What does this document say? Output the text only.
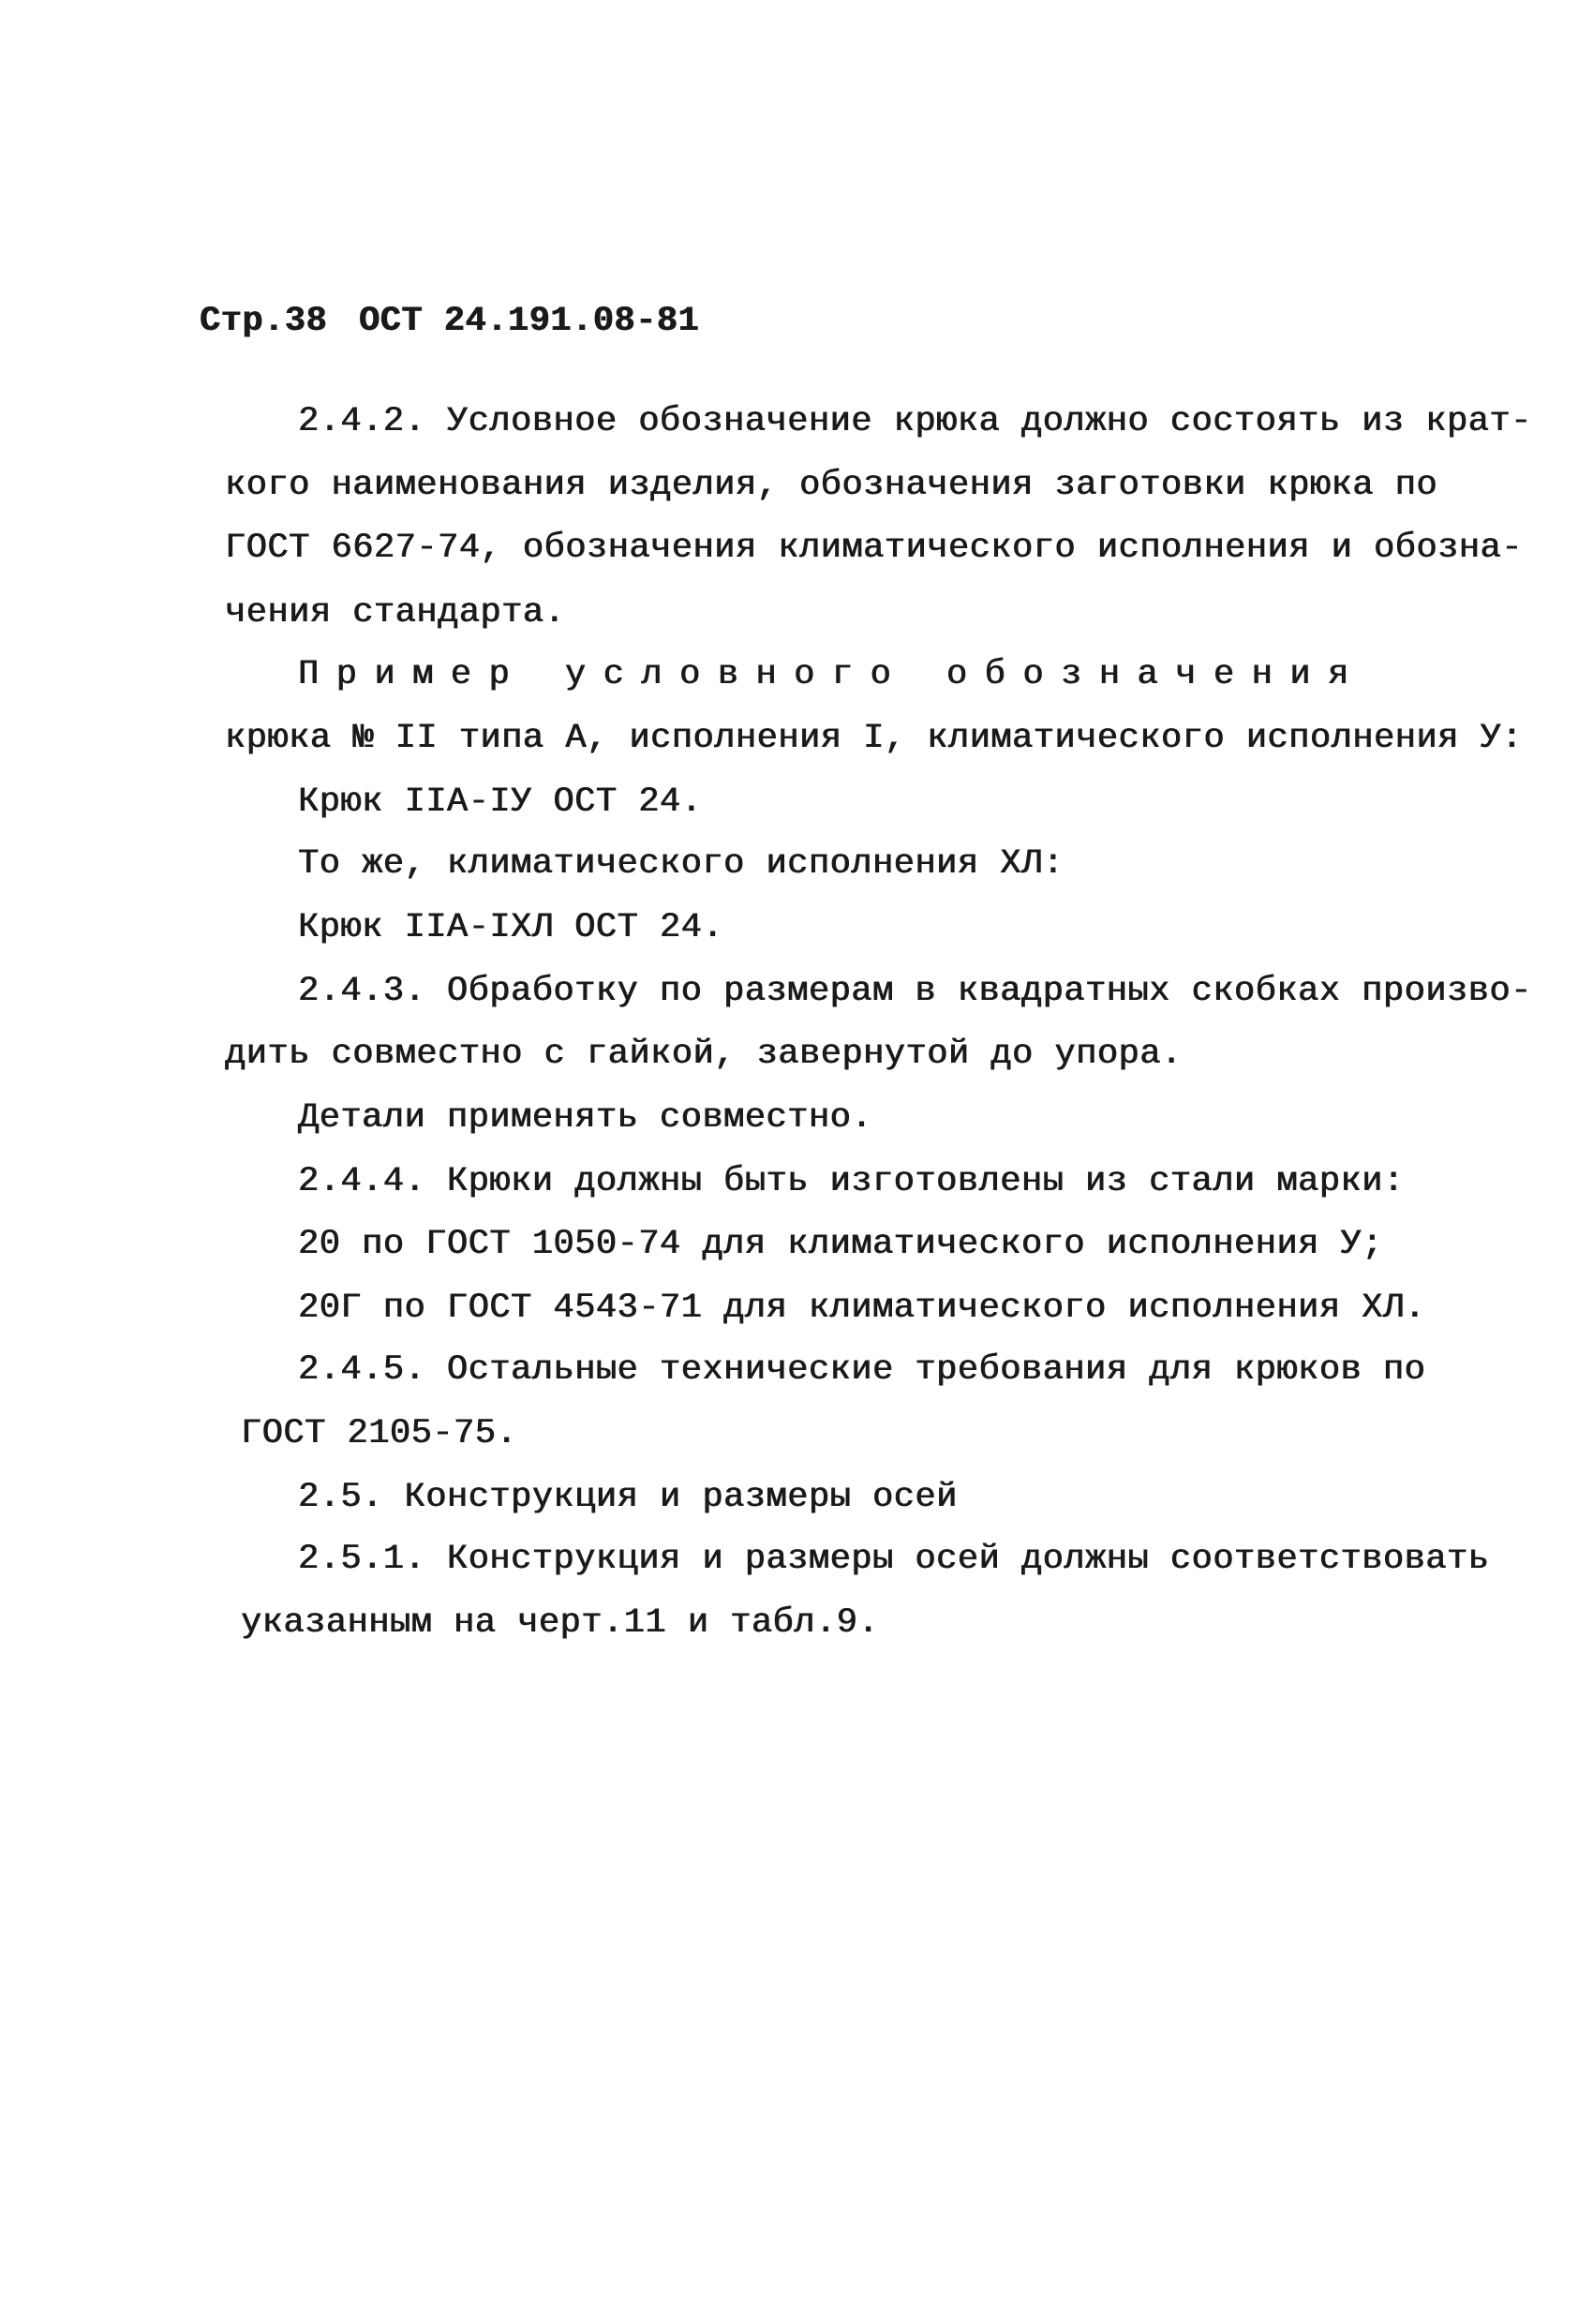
Стр.38 ОСТ 24.191.08-81
2.4.2. Условное обозначение крюка должно состоять из крат-
кого наименования изделия, обозначения заготовки крюка по
ГОСТ 6627-74, обозначения климатического исполнения и обозна-
чения стандарта.
Пример условного обозначения
крюка № II типа А, исполнения I, климатического исполнения У:
Крюк IIА-IУ ОСТ 24.
То же, климатического исполнения ХЛ:
Крюк IIА-IХЛ ОСТ 24.
2.4.3. Обработку по размерам в квадратных скобках произво-
дить совместно с гайкой, завернутой до упора.
Детали применять совместно.
2.4.4. Крюки должны быть изготовлены из стали марки:
20 по ГОСТ 1050-74 для климатического исполнения У;
20Г по ГОСТ 4543-71 для климатического исполнения ХЛ.
2.4.5. Остальные технические требования для крюков по
ГОСТ 2105-75.
2.5. Конструкция и размеры осей
2.5.1. Конструкция и размеры осей должны соответствовать
указанным на черт.11 и табл.9.
